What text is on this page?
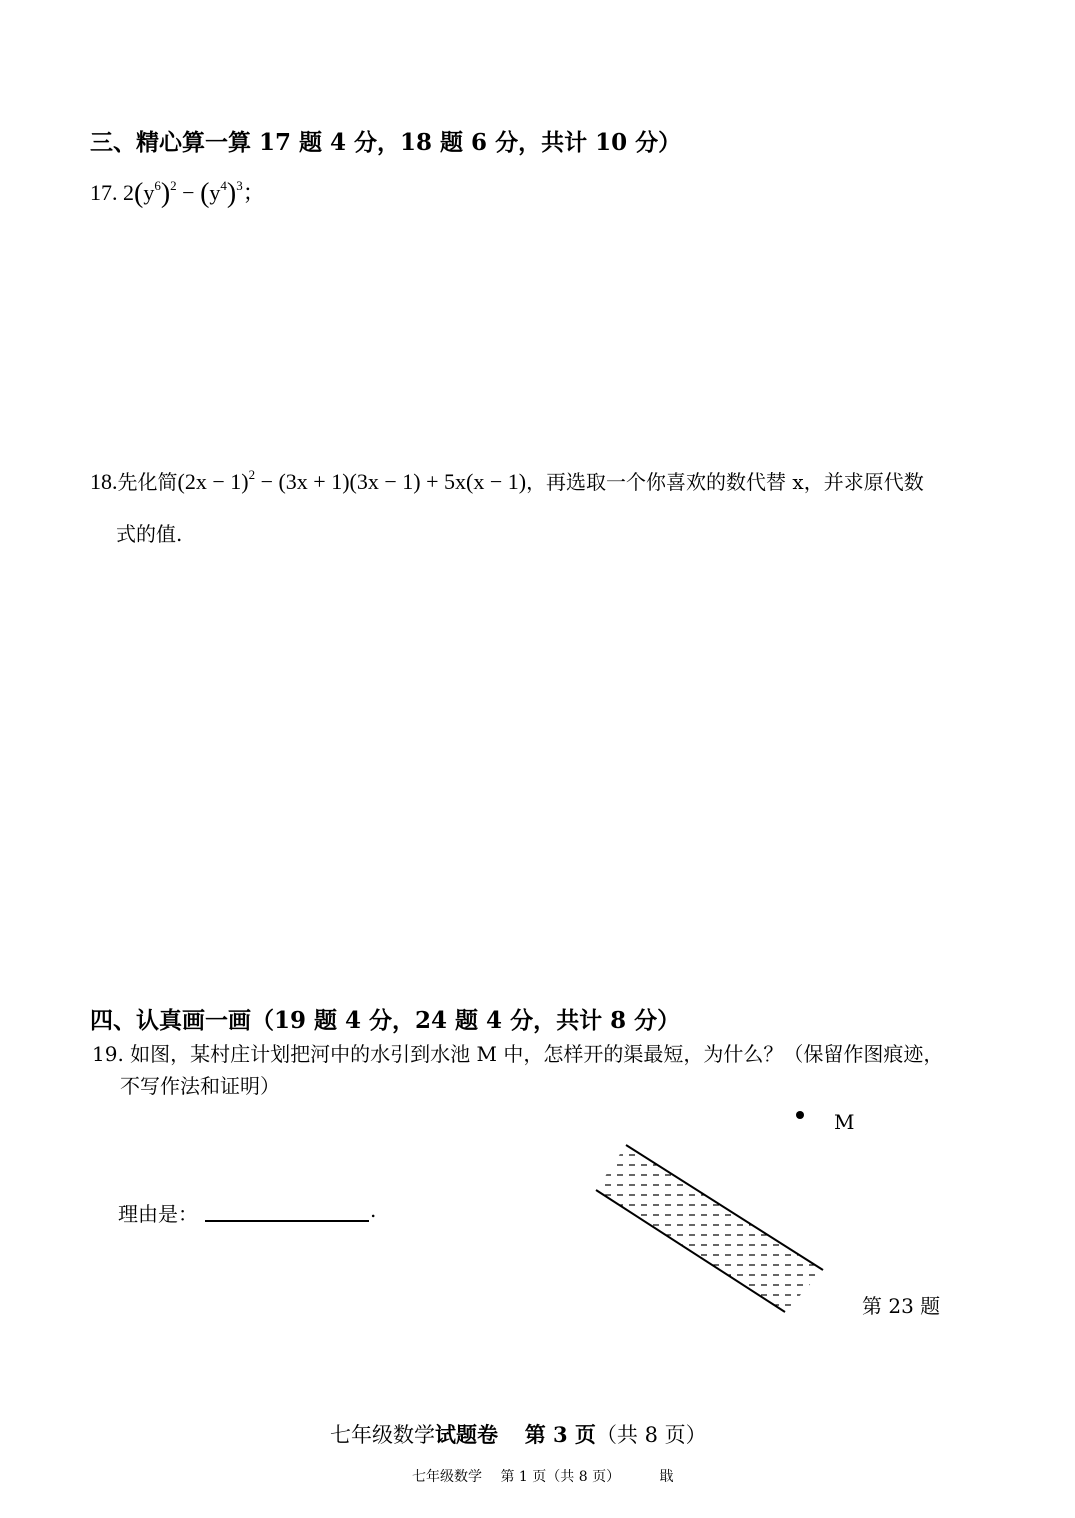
三、精心算一算 17 题 4 分，18 题 6 分，共计 10 分）
17. $2(y^6)^2 - (y^4)^3$；
18.先化简$(2x - 1)^2 - (3x + 1)(3x - 1) + 5x(x - 1)$，再选取一个你喜欢的数代替 x，并求原代数
式的值.
四、认真画一画（19 题 4 分，24 题 4 分，共计 8 分）
19. 如图，某村庄计划把河中的水引到水池 M 中，怎样开的渠最短，为什么？（保留作图痕迹，
不写作法和证明）
理由是：	.
M
第 23 题
七年级数学试题卷 第 3 页（共 8 页）
七年级数学　 第 1 页（共 8 页）　　　 戢
